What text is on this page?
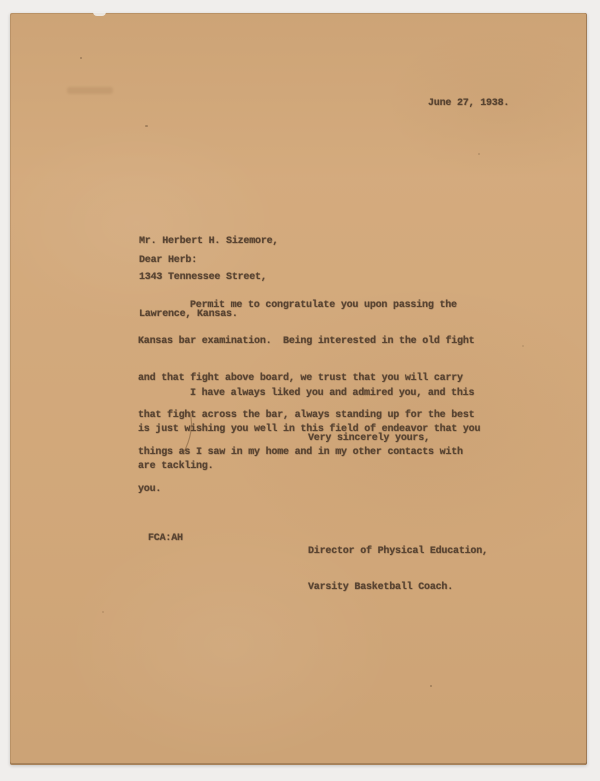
June 27, 1938.

Mr. Herbert H. Sizemore,

1343 Tennessee Street,

Lawrence, Kansas.

Dear Herb:

Permit me to congratulate you upon passing the

Kansas bar examination.  Being interested in the old fight

and that fight above board, we trust that you will carry

that fight across the bar, always standing up for the best

things as I saw in my home and in my other contacts with

you.

I have always liked you and admired you, and this

is just wishing you well in this field of endeavor that you

are tackling.

Very sincerely yours,

Director of Physical Education,

Varsity Basketball Coach.

FCA:AH
